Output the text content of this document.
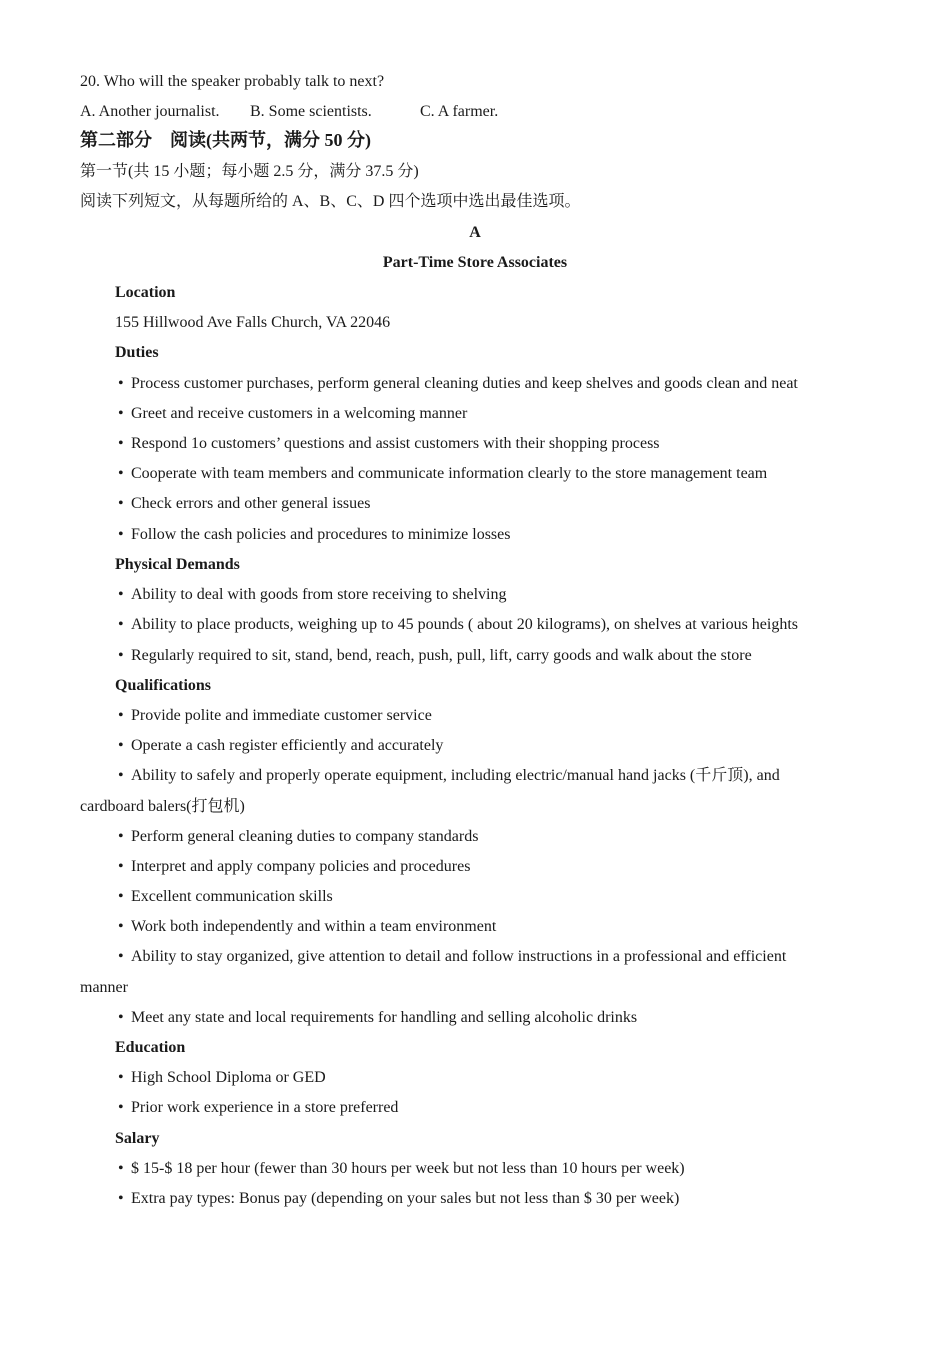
20. Who will the speaker probably talk to next?
A. Another journalist. B. Some scientists.	C. A farmer.
第二部分　阅读(共两节，满分 50 分)
第一节(共 15 小题；每小题 2.5 分，满分 37.5 分)
阅读下列短文，从每题所给的 A、B、C、D 四个选项中选出最佳选项。
A
Part-Time Store Associates
Location
155 Hillwood Ave Falls Church, VA 22046
Duties
• Process customer purchases, perform general cleaning duties and keep shelves and goods clean and neat
• Greet and receive customers in a welcoming manner
• Respond 1o customers’ questions and assist customers with their shopping process
• Cooperate with team members and communicate information clearly to the store management team
• Check errors and other general issues
• Follow the cash policies and procedures to minimize losses
Physical Demands
• Ability to deal with goods from store receiving to shelving
• Ability to place products, weighing up to 45 pounds ( about 20 kilograms), on shelves at various heights
• Regularly required to sit, stand, bend, reach, push, pull, lift, carry goods and walk about the store
Qualifications
• Provide polite and immediate customer service
• Operate a cash register efficiently and accurately
• Ability to safely and properly operate equipment, including electric/manual hand jacks (千斤顶), and
cardboard balers(打包机)
• Perform general cleaning duties to company standards
• Interpret and apply company policies and procedures
• Excellent communication skills
• Work both independently and within a team environment
• Ability to stay organized, give attention to detail and follow instructions in a professional and efficient
manner
• Meet any state and local requirements for handling and selling alcoholic drinks
Education
• High School Diploma or GED
• Prior work experience in a store preferred
Salary
• $ 15-$ 18 per hour (fewer than 30 hours per week but not less than 10 hours per week)
• Extra pay types: Bonus pay (depending on your sales but not less than $ 30 per week)
